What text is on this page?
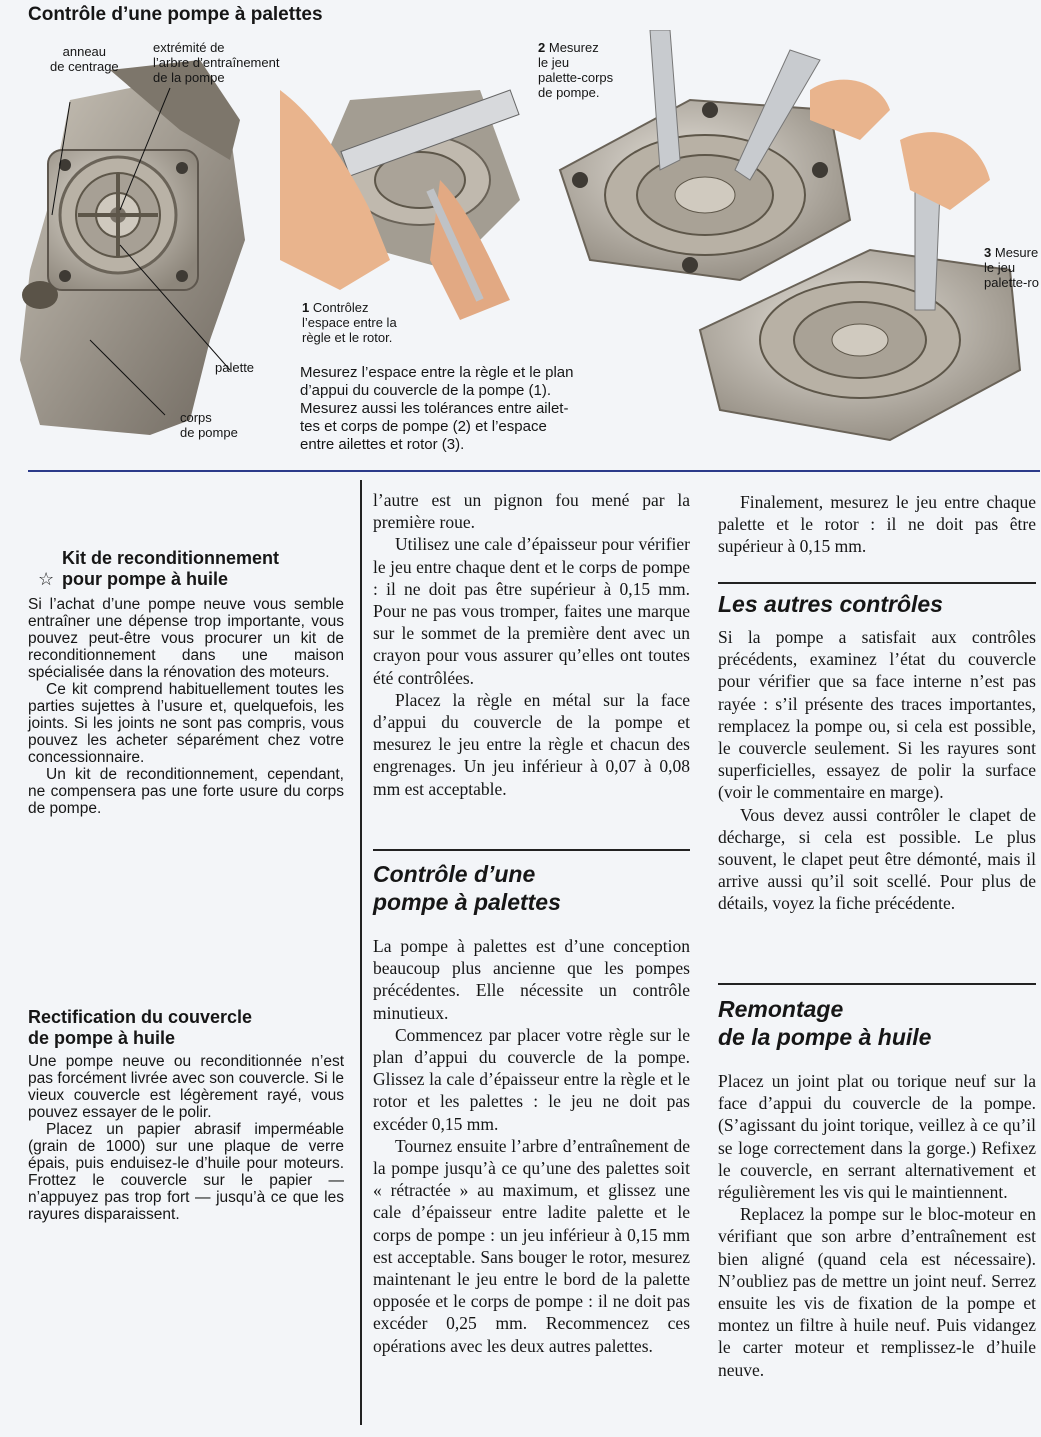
Contrôle d’une pompe à palettes
anneau
de centrage
extrémité de
l’arbre d’entraînement
de la pompe
palette
corps
de pompe
1 Contrôlez
l’espace entre la
règle et le rotor.
Mesurez l’espace entre la règle et le plan
d’appui du couvercle de la pompe (1).
Mesurez aussi les tolérances entre ailet-
tes et corps de pompe (2) et l’espace
entre ailettes et rotor (3).
2 Mesurez
le jeu
palette-corps
de pompe.
3 Mesure
le jeu
palette-ro
Kit de reconditionnement
☆ pour pompe à huile

Si l’achat d’une pompe neuve vous semble entraîner une dépense trop importante, vous pouvez peut-être vous procurer un kit de reconditionnement dans une maison spécialisée dans la rénovation des moteurs.

Ce kit comprend habituellement toutes les parties sujettes à l’usure et, quelquefois, les joints. Si les joints ne sont pas compris, vous pouvez les acheter séparément chez votre concessionnaire.

Un kit de reconditionnement, cependant, ne compensera pas une forte usure du corps de pompe.

Rectification du couvercle
de pompe à huile

Une pompe neuve ou reconditionnée n’est pas forcément livrée avec son couvercle. Si le vieux couvercle est légèrement rayé, vous pouvez essayer de le polir.

Placez un papier abrasif imperméable (grain de 1000) sur une plaque de verre épais, puis enduisez-le d’huile pour moteurs. Frottez le couvercle sur le papier — n’appuyez pas trop fort — jusqu’à ce que les rayures disparaissent.

l’autre est un pignon fou mené par la première roue.

Utilisez une cale d’épaisseur pour vérifier le jeu entre chaque dent et le corps de pompe : il ne doit pas être supérieur à 0,15 mm. Pour ne pas vous tromper, faites une marque sur le sommet de la première dent avec un crayon pour vous assurer qu’elles ont toutes été contrôlées.

Placez la règle en métal sur la face d’appui du couvercle de la pompe et mesurez le jeu entre la règle et chacun des engrenages. Un jeu inférieur à 0,07 à 0,08 mm est acceptable.

Contrôle d’une
pompe à palettes

La pompe à palettes est d’une conception beaucoup plus ancienne que les pompes précédentes. Elle nécessite un contrôle minutieux.

Commencez par placer votre règle sur le plan d’appui du couvercle de la pompe. Glissez la cale d’épaisseur entre la règle et le rotor et les palettes : le jeu ne doit pas excéder 0,15 mm.

Tournez ensuite l’arbre d’entraînement de la pompe jusqu’à ce qu’une des palettes soit « rétractée » au maximum, et glissez une cale d’épaisseur entre ladite palette et le corps de pompe : un jeu inférieur à 0,15 mm est acceptable. Sans bouger le rotor, mesurez maintenant le jeu entre le bord de la palette opposée et le corps de pompe : il ne doit pas excéder 0,25 mm. Recommencez ces opérations avec les deux autres palettes.

Finalement, mesurez le jeu entre chaque palette et le rotor : il ne doit pas être supérieur à 0,15 mm.

Les autres contrôles

Si la pompe a satisfait aux contrôles précédents, examinez l’état du couvercle pour vérifier que sa face interne n’est pas rayée : s’il présente des traces importantes, remplacez la pompe ou, si cela est possible, le couvercle seulement. Si les rayures sont superficielles, essayez de polir la surface (voir le commentaire en marge).

Vous devez aussi contrôler le clapet de décharge, si cela est possible. Le plus souvent, le clapet peut être démonté, mais il arrive aussi qu’il soit scellé. Pour plus de détails, voyez la fiche précédente.

Remontage
de la pompe à huile

Placez un joint plat ou torique neuf sur la face d’appui du couvercle de la pompe. (S’agissant du joint torique, veillez à ce qu’il se loge correctement dans la gorge.) Refixez le couvercle, en serrant alternativement et régulièrement les vis qui le maintiennent.

Replacez la pompe sur le bloc-moteur en vérifiant que son arbre d’entraînement est bien aligné (quand cela est nécessaire). N’oubliez pas de mettre un joint neuf. Serrez ensuite les vis de fixation de la pompe et montez un filtre à huile neuf. Puis vidangez le carter moteur et remplissez-le d’huile neuve.
